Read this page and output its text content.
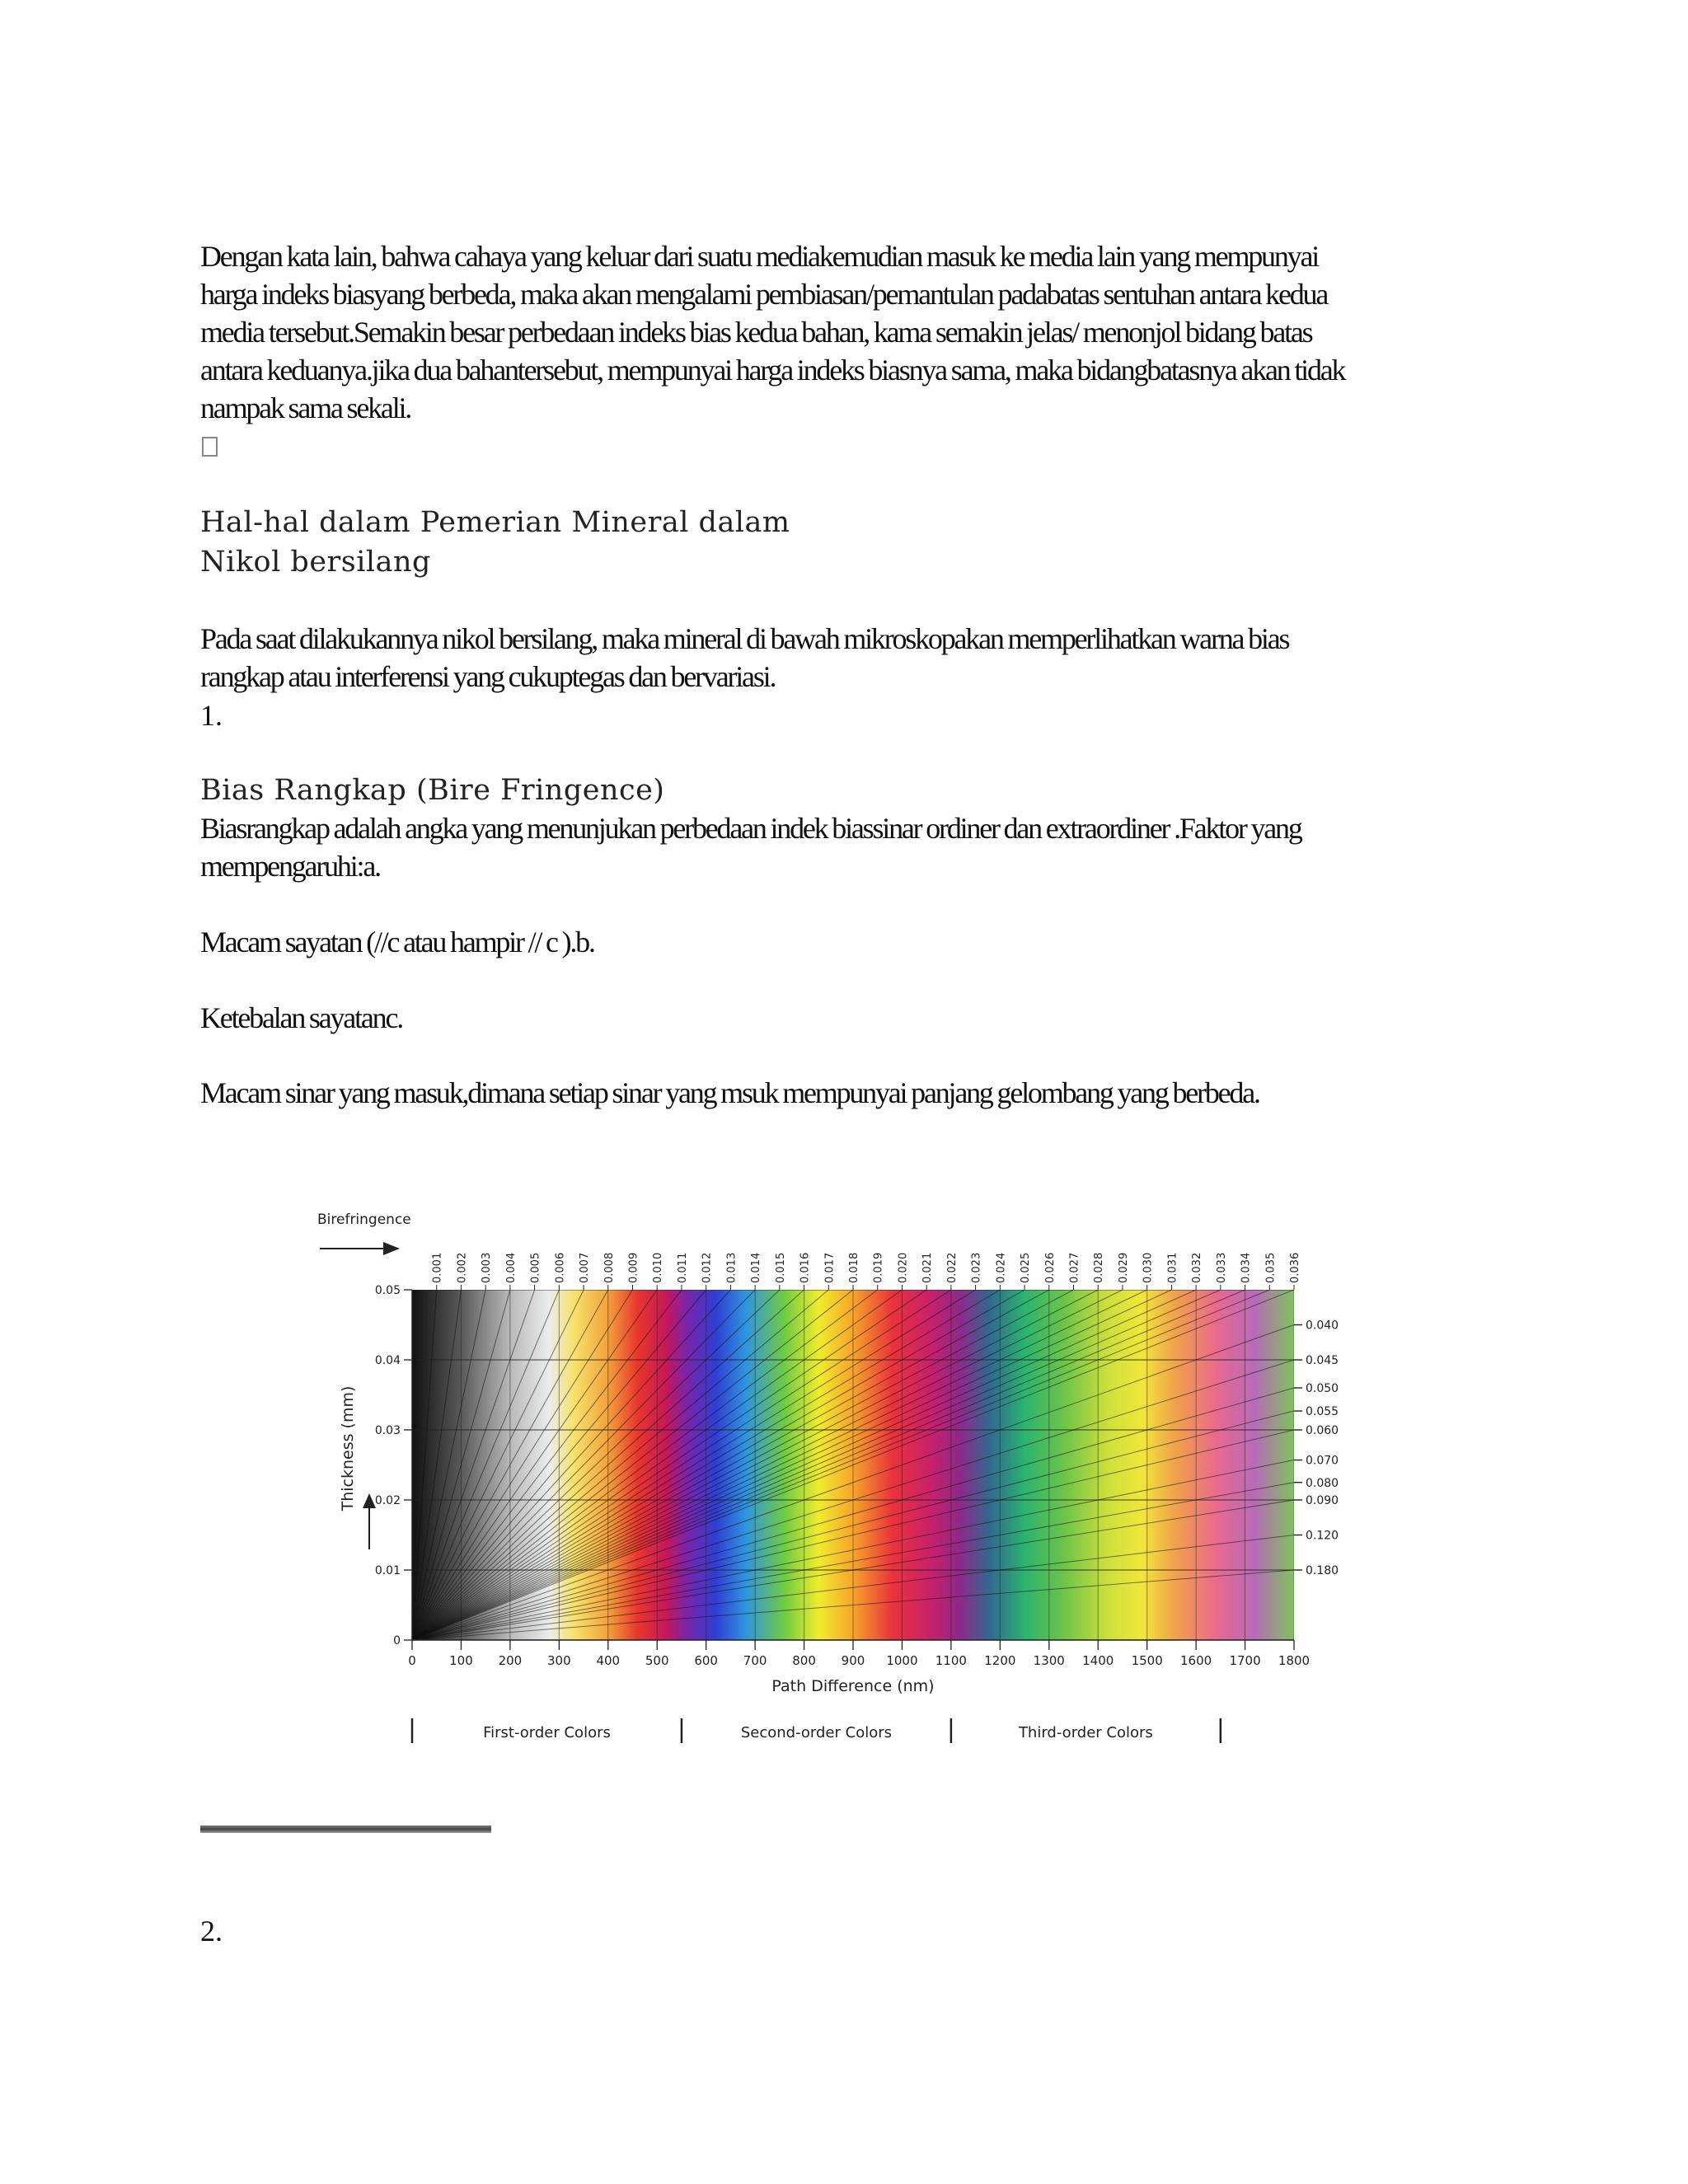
Dengan kata lain, bahwa cahaya yang keluar dari suatu mediakemudian masuk ke media lain yang mempunyai
harga indeks biasyang berbeda, maka akan mengalami pembiasan/pemantulan padabatas sentuhan antara kedua
media tersebut.Semakin besar perbedaan indeks bias kedua bahan, kama semakin jelas/ menonjol bidang batas
antara keduanya.jika dua bahantersebut, mempunyai harga indeks biasnya sama, maka bidangbatasnya akan tidak
nampak sama sekali.
Hal-hal dalam Pemerian Mineral dalam
Nikol bersilang
Pada saat dilakukannya nikol bersilang, maka mineral di bawah mikroskopakan memperlihatkan warna bias
rangkap atau interferensi yang cukuptegas dan bervariasi.
1.
Bias Rangkap (Bire Fringence)
Biasrangkap adalah angka yang menunjukan perbedaan indek biassinar ordiner dan extraordiner .Faktor yang
mempengaruhi:a.
Macam sayatan (//c atau hampir // c ).b.
Ketebalan sayatanc.
Macam sinar yang masuk,dimana setiap sinar yang msuk mempunyai panjang gelombang yang berbeda.
0.001 0.002 0.003 0.004 0.005 0.006 0.007 0.008 0.009 0.010 0.011 0.012 0.013 0.014 0.015 0.016 0.017 0.018 0.019 0.020 0.021 0.022 0.023 0.024 0.025 0.026 0.027 0.028 0.029 0.030 0.031 0.032 0.033 0.034 0.035 0.036
0.040
0.045
0.050
0.055
0.060
0.070
0.080
0.090
0.120
0.180
0	100 200 300 400 500 600 700 800 900 1000 1100 1200 1300 1400 1500 1600 1700 1800
0
0.01
0.02
0.03
0.04
0.05
Path Difference (nm)
Thickness (mm)
Birefringence
First-order Colors	Second-order Colors	Third-order Colors
2.
